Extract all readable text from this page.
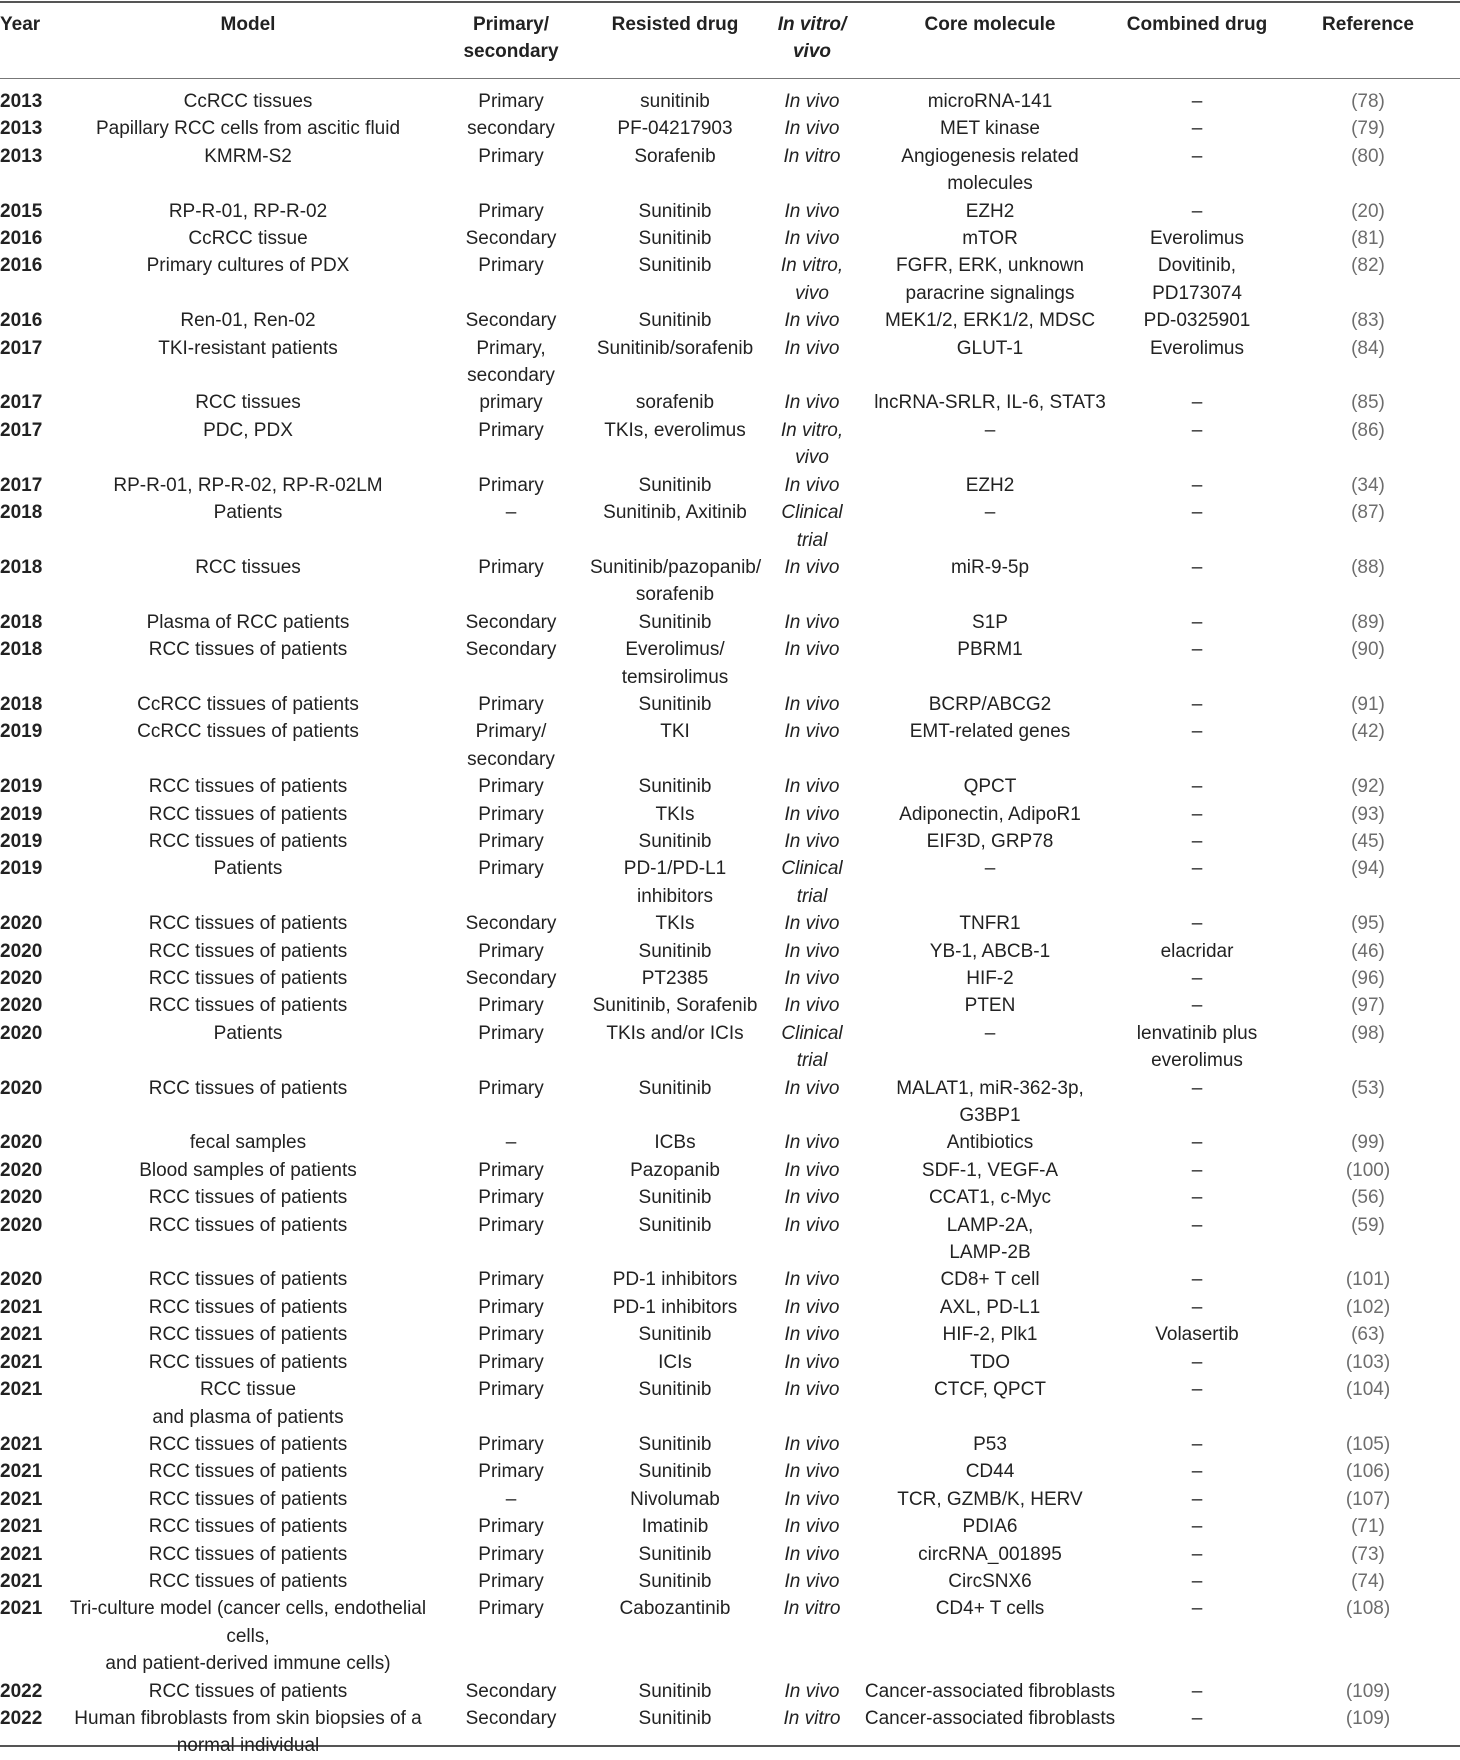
Year	Model	Primary/
secondary	Resisted drug	In vitro/
vivo	Core molecule	Combined drug	Reference
2013	CcRCC tissues	Primary	sunitinib	In vivo	microRNA-141	–	(78)
2013	Papillary RCC cells from ascitic fluid	secondary	PF-04217903	In vivo	MET kinase	–	(79)
2013	KMRM-S2	Primary	Sorafenib	In vitro	Angiogenesis related
molecules	–	(80)
2015	RP-R-01, RP-R-02	Primary	Sunitinib	In vivo	EZH2	–	(20)
2016	CcRCC tissue	Secondary	Sunitinib	In vivo	mTOR	Everolimus	(81)
2016	Primary cultures of PDX	Primary	Sunitinib	In vitro,
vivo	FGFR, ERK, unknown
paracrine signalings	Dovitinib,
PD173074	(82)
2016	Ren-01, Ren-02	Secondary	Sunitinib	In vivo	MEK1/2, ERK1/2, MDSC	PD-0325901	(83)
2017	TKI-resistant patients	Primary,
secondary	Sunitinib/sorafenib	In vivo	GLUT-1	Everolimus	(84)
2017	RCC tissues	primary	sorafenib	In vivo	lncRNA-SRLR, IL-6, STAT3	–	(85)
2017	PDC, PDX	Primary	TKIs, everolimus	In vitro,
vivo	–	–	(86)
2017	RP-R-01, RP-R-02, RP-R-02LM	Primary	Sunitinib	In vivo	EZH2	–	(34)
2018	Patients	–	Sunitinib, Axitinib	Clinical
trial	–	–	(87)
2018	RCC tissues	Primary	Sunitinib/pazopanib/
sorafenib	In vivo	miR-9-5p	–	(88)
2018	Plasma of RCC patients	Secondary	Sunitinib	In vivo	S1P	–	(89)
2018	RCC tissues of patients	Secondary	Everolimus/
temsirolimus	In vivo	PBRM1	–	(90)
2018	CcRCC tissues of patients	Primary	Sunitinib	In vivo	BCRP/ABCG2	–	(91)
2019	CcRCC tissues of patients	Primary/
secondary	TKI	In vivo	EMT-related genes	–	(42)
2019	RCC tissues of patients	Primary	Sunitinib	In vivo	QPCT	–	(92)
2019	RCC tissues of patients	Primary	TKIs	In vivo	Adiponectin, AdipoR1	–	(93)
2019	RCC tissues of patients	Primary	Sunitinib	In vivo	EIF3D, GRP78	–	(45)
2019	Patients	Primary	PD-1/PD-L1
inhibitors	Clinical
trial	–	–	(94)
2020	RCC tissues of patients	Secondary	TKIs	In vivo	TNFR1	–	(95)
2020	RCC tissues of patients	Primary	Sunitinib	In vivo	YB-1, ABCB-1	elacridar	(46)
2020	RCC tissues of patients	Secondary	PT2385	In vivo	HIF-2	–	(96)
2020	RCC tissues of patients	Primary	Sunitinib, Sorafenib	In vivo	PTEN	–	(97)
2020	Patients	Primary	TKIs and/or ICIs	Clinical
trial	–	lenvatinib plus
everolimus	(98)
2020	RCC tissues of patients	Primary	Sunitinib	In vivo	MALAT1, miR-362-3p, G3BP1	–	(53)
2020	fecal samples	–	ICBs	In vivo	Antibiotics	–	(99)
2020	Blood samples of patients	Primary	Pazopanib	In vivo	SDF-1, VEGF-A	–	(100)
2020	RCC tissues of patients	Primary	Sunitinib	In vivo	CCAT1, c-Myc	–	(56)
2020	RCC tissues of patients	Primary	Sunitinib	In vivo	LAMP-2A,
LAMP-2B	–	(59)
2020	RCC tissues of patients	Primary	PD-1 inhibitors	In vivo	CD8+ T cell	–	(101)
2021	RCC tissues of patients	Primary	PD-1 inhibitors	In vivo	AXL, PD-L1	–	(102)
2021	RCC tissues of patients	Primary	Sunitinib	In vivo	HIF-2, Plk1	Volasertib	(63)
2021	RCC tissues of patients	Primary	ICIs	In vivo	TDO	–	(103)
2021	RCC tissue
and plasma of patients	Primary	Sunitinib	In vivo	CTCF, QPCT	–	(104)
2021	RCC tissues of patients	Primary	Sunitinib	In vivo	P53	–	(105)
2021	RCC tissues of patients	Primary	Sunitinib	In vivo	CD44	–	(106)
2021	RCC tissues of patients	–	Nivolumab	In vivo	TCR, GZMB/K, HERV	–	(107)
2021	RCC tissues of patients	Primary	Imatinib	In vivo	PDIA6	–	(71)
2021	RCC tissues of patients	Primary	Sunitinib	In vivo	circRNA_001895	–	(73)
2021	RCC tissues of patients	Primary	Sunitinib	In vivo	CircSNX6	–	(74)
2021	Tri-culture model (cancer cells, endothelial
cells,
and patient-derived immune cells)	Primary	Cabozantinib	In vitro	CD4+ T cells	–	(108)
2022	RCC tissues of patients	Secondary	Sunitinib	In vivo	Cancer-associated fibroblasts	–	(109)
2022	Human fibroblasts from skin biopsies of a
normal individual	Secondary	Sunitinib	In vitro	Cancer-associated fibroblasts	–	(109)
